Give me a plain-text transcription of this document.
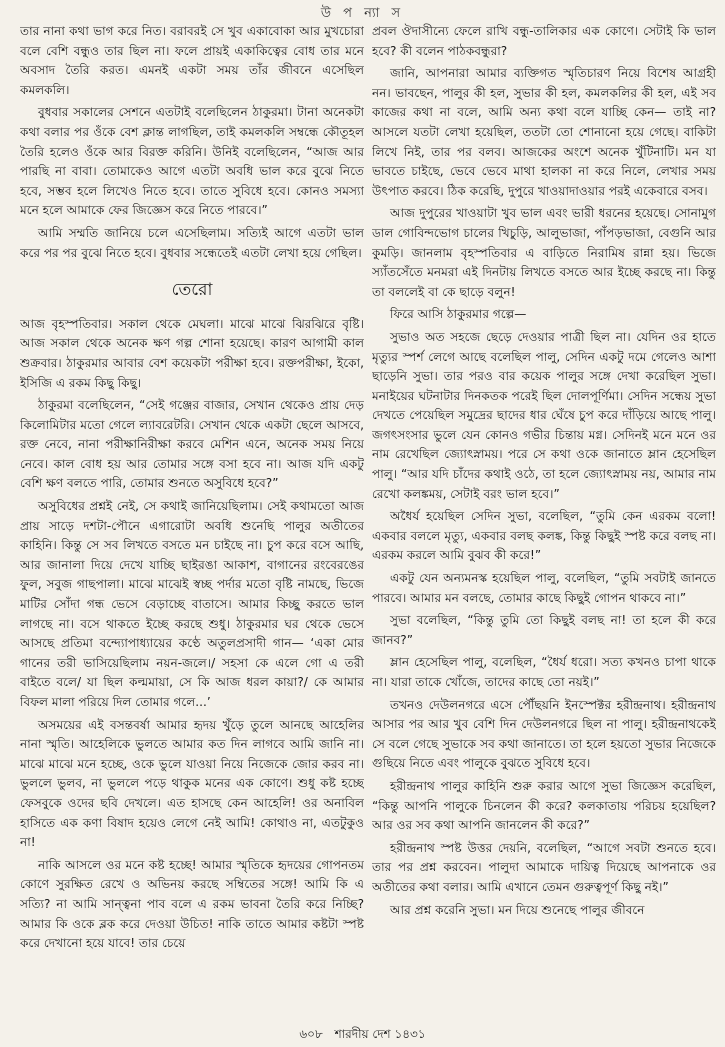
উ প ন্যা স

তার নানা কথা ভাগ করে নিত। বরাবরই সে খুব একাবোকা আর মুখচোরা বলে বেশি বন্ধুও তার ছিল না। ফলে প্রায়ই একাকিত্বের বোধ তার মনে অবসাদ তৈরি করত। এমনই একটা সময় তাঁর জীবনে এসেছিল কমলকলি।

বুধবার সকালের সেশনে এতটাই বলেছিলেন ঠাকুরমা। টানা অনেকটা কথা বলার পর ওঁকে বেশ ক্লান্ত লাগছিল, তাই কমলকলি সম্বন্ধে কৌতূহল তৈরি হলেও ওঁকে আর বিরক্ত করিনি। উনিই বলেছিলেন, “আজ আর পারছি না বাবা। তোমাকেও আগে এতটা অবধি ভাল করে বুঝে নিতে হবে, সম্ভব হলে লিখেও নিতে হবে। তাতে সুবিধে হবে। কোনও সমস্যা মনে হলে আমাকে ফের জিজ্ঞেস করে নিতে পারবে।”

আমি সম্মতি জানিয়ে চলে এসেছিলাম। সত্যিই আগে এতটা ভাল করে পর পর বুঝে নিতে হবে। বুধবার সন্ধেতেই এতটা লেখা হয়ে গেছিল।

তেরো

আজ বৃহস্পতিবার। সকাল থেকে মেঘলা। মাঝে মাঝে ঝিরঝিরে বৃষ্টি। আজ সকাল থেকে অনেক ক্ষণ গল্প শোনা হয়েছে। কারণ আগামী কাল শুক্রবার। ঠাকুরমার আবার বেশ কয়েকটা পরীক্ষা হবে। রক্তপরীক্ষা, ইকো, ইসিজি এ রকম কিছু কিছু।

ঠাকুরমা বলেছিলেন, “সেই গঞ্জের বাজার, সেখান থেকেও প্রায় দেড় কিলোমিটার মতো গেলে ল্যাবরেটরি। সেখান থেকে একটা ছেলে আসবে, রক্ত নেবে, নানা পরীক্ষানিরীক্ষা করবে মেশিন এনে, অনেক সময় নিয়ে নেবে। কাল বোধ হয় আর তোমার সঙ্গে বসা হবে না। আজ যদি একটু বেশি ক্ষণ বলতে পারি, তোমার শুনতে অসুবিধে হবে?”

অসুবিধের প্রশ্নই নেই, সে কথাই জানিয়েছিলাম। সেই কথামতো আজ প্রায় সাড়ে দশটা-পৌনে এগারোটা অবধি শুনেছি পালুর অতীতের কাহিনি। কিন্তু সে সব লিখতে বসতে মন চাইছে না। চুপ করে বসে আছি, আর জানালা দিয়ে দেখে যাচ্ছি ছাইরঙা আকাশ, বাগানের রংবেরঙের ফুল, সবুজ গাছপালা। মাঝে মাঝেই স্বচ্ছ পর্দার মতো বৃষ্টি নামছে, ভিজে মাটির সোঁদা গন্ধ ভেসে বেড়াচ্ছে বাতাসে। আমার কিচ্ছু করতে ভাল লাগছে না। বসে থাকতে ইচ্ছে করছে শুধু। ঠাকুরমার ঘর থেকে ভেসে আসছে প্রতিমা বন্দ্যোপাধ্যায়ের কণ্ঠে অতুলপ্রসাদী গান— ‘একা মোর গানের তরী ভাসিয়েছিলাম নয়ন-জলে।/ সহসা কে এলে গো এ তরী বাইতে বলে/ যা ছিল কল্মমায়া, সে কি আজ ধরল কায়া?/ কে আমার বিফল মালা পরিয়ে দিল তোমার গলে...’

অসময়ের এই বসন্তবর্ষা আমার হৃদয় খুঁড়ে তুলে আনছে আহেলির নানা স্মৃতি। আহেলিকে ভুলতে আমার কত দিন লাগবে আমি জানি না। মাঝে মাঝে মনে হচ্ছে, ওকে ভুলে যাওয়া নিয়ে নিজেকে জোর করব না। ভুললে ভুলব, না ভুললে পড়ে থাকুক মনের এক কোণে। শুধু কষ্ট হচ্ছে ফেসবুকে ওদের ছবি দেখলে। এত হাসছে কেন আহেলি! ওর অনাবিল হাসিতে এক কণা বিষাদ হয়েও লেগে নেই আমি! কোথাও না, এতটুকুও না!

নাকি আসলে ওর মনে কষ্ট হচ্ছে! আমার স্মৃতিকে হৃদয়ের গোপনতম কোণে সুরক্ষিত রেখে ও অভিনয় করছে সম্বিতের সঙ্গে! আমি কি এ সত্যি? না আমি সান্ত্বনা পাব বলে এ রকম ভাবনা তৈরি করে নিচ্ছি? আমার কি ওকে ব্লক করে দেওয়া উচিত! নাকি তাতে আমার কষ্টটা স্পষ্ট করে দেখানো হয়ে যাবে! তার চেয়ে

প্রবল ঔদাসীন্যে ফেলে রাখি বন্ধু-তালিকার এক কোণে। সেটাই কি ভাল হবে? কী বলেন পাঠকবন্ধুরা?

জানি, আপনারা আমার ব্যক্তিগত স্মৃতিচারণ নিয়ে বিশেষ আগ্রহী নন। ভাবছেন, পালুর কী হল, সুভার কী হল, কমলকলির কী হল, এই সব কাজের কথা না বলে, আমি অন্য কথা বলে যাচ্ছি কেন— তাই না? আসলে যতটা লেখা হয়েছিল, ততটা তো শোনানো হয়ে গেছে। বাকিটা লিখে নিই, তার পর বলব। আজকের অংশে অনেক খুঁটিনাটি। মন যা ভাবতে চাইছে, ভেবে ভেবে মাথা হালকা না করে নিলে, লেখার সময় উৎপাত করবে। ঠিক করেছি, দুপুরে খাওয়াদাওয়ার পরই একেবারে বসব।

আজ দুপুরের খাওয়াটা খুব ভাল এবং ভারী ধরনের হয়েছে। সোনামুগ ডাল গোবিন্দভোগ চালের খিচুড়ি, আলুভাজা, পাঁপড়ভাজা, বেগুনি আর কুমড়ি। জানলাম বৃহস্পতিবার এ বাড়িতে নিরামিষ রান্না হয়। ভিজে স্যাঁতসেঁতে মনমরা এই দিনটায় লিখতে বসতে আর ইচ্ছে করছে না। কিন্তু তা বললেই বা কে ছাড়ে বলুন!

ফিরে আসি ঠাকুরমার গল্পে—

সুভাও অত সহজে ছেড়ে দেওয়ার পাত্রী ছিল না। যেদিন ওর হাতে মৃত্যুর স্পর্শ লেগে আছে বলেছিল পালু, সেদিন একটু দমে গেলেও আশা ছাড়েনি সুভা। তার পরও বার কয়েক পালুর সঙ্গে দেখা করেছিল সুভা। মনাইয়ের ঘটনাটার দিনকতক পরেই ছিল দোলপূর্ণিমা। সেদিন সন্ধেয় সুভা দেখতে পেয়েছিল সমুদ্রের ছাদের ধার ঘেঁষে চুপ করে দাঁড়িয়ে আছে পালু। জগৎসংসার ভুলে যেন কোনও গভীর চিন্তায় মগ্ন। সেদিনই মনে মনে ওর নাম রেখেছিল জ্যোৎস্নাময়। পরে সে কথা ওকে জানাতে ম্লান হেসেছিল পালু। “আর যদি চাঁদের কথাই ওঠে, তা হলে জ্যোৎস্নাময় নয়, আমার নাম রেখো কলঙ্কময়, সেটাই বরং ভাল হবে।”

অধৈর্য হয়েছিল সেদিন সুভা, বলেছিল, “তুমি কেন এরকম বলো! একবার বললে মৃত্যু, একবার বলছ কলঙ্ক, কিন্তু কিছুই স্পষ্ট করে বলছ না। এরকম করলে আমি বুঝব কী করে!”

একটু যেন অন্যমনস্ক হয়েছিল পালু, বলেছিল, “তুমি সবটাই জানতে পারবে। আমার মন বলছে, তোমার কাছে কিছুই গোপন থাকবে না।”

সুভা বলেছিল, “কিন্তু তুমি তো কিছুই বলছ না! তা হলে কী করে জানব?”

ম্লান হেসেছিল পালু, বলেছিল, “ধৈর্য ধরো। সত্য কখনও চাপা থাকে না। যারা তাকে খোঁজে, তাদের কাছে তো নয়ই।”

তখনও দেউলনগরে এসে পৌঁছয়নি ইনস্পেক্টর হরীন্দ্রনাথ। হরীন্দ্রনাথ আসার পর আর খুব বেশি দিন দেউলনগরে ছিল না পালু। হরীন্দ্রনাথকেই সে বলে গেছে সুভাকে সব কথা জানাতে। তা হলে হয়তো সুভার নিজেকে গুছিয়ে নিতে এবং পালুকে বুঝতে সুবিধে হবে।

হরীন্দ্রনাথ পালুর কাহিনি শুরু করার আগে সুভা জিজ্ঞেস করেছিল, “কিন্তু আপনি পালুকে চিনলেন কী করে? কলকাতায় পরিচয় হয়েছিল? আর ওর সব কথা আপনি জানলেন কী করে?”

হরীন্দ্রনাথ স্পষ্ট উত্তর দেয়নি, বলেছিল, “আগে সবটা শুনতে হবে। তার পর প্রশ্ন করবেন। পালুদা আমাকে দায়িত্ব দিয়েছে আপনাকে ওর অতীতের কথা বলার। আমি এখানে তেমন গুরুত্বপূর্ণ কিছু নই।”

আর প্রশ্ন করেনি সুভা। মন দিয়ে শুনেছে পালুর জীবনে

৬০৮ শারদীয় দেশ ১৪৩১
